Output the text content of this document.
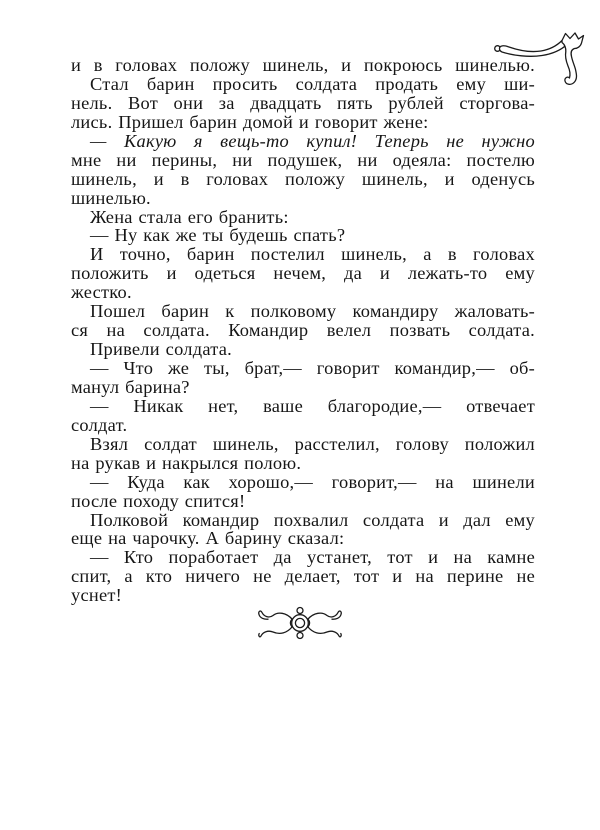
и в головах положу шинель, и покроюсь шинелью.
Стал барин просить солдата продать ему ши-
нель. Вот они за двадцать пять рублей сторгова-
лись. Пришел барин домой и говорит жене:
— Какую я вещь-то купил! Теперь не нужно
мне ни перины, ни подушек, ни одеяла: постелю
шинель, и в головах положу шинель, и оденусь
шинелью.
Жена стала его бранить:
— Ну как же ты будешь спать?
И точно, барин постелил шинель, а в головах
положить и одеться нечем, да и лежать-то ему
жестко.
Пошел барин к полковому командиру жаловать-
ся на солдата. Командир велел позвать солдата.
Привели солдата.
— Что же ты, брат,— говорит командир,— об-
манул барина?
— Никак нет, ваше благородие,— отвечает
солдат.
Взял солдат шинель, расстелил, голову положил
на рукав и накрылся полою.
— Куда как хорошо,— говорит,— на шинели
после походу спится!
Полковой командир похвалил солдата и дал ему
еще на чарочку. А барину сказал:
— Кто поработает да устанет, тот и на камне
спит, а кто ничего не делает, тот и на перине не
уснет!
